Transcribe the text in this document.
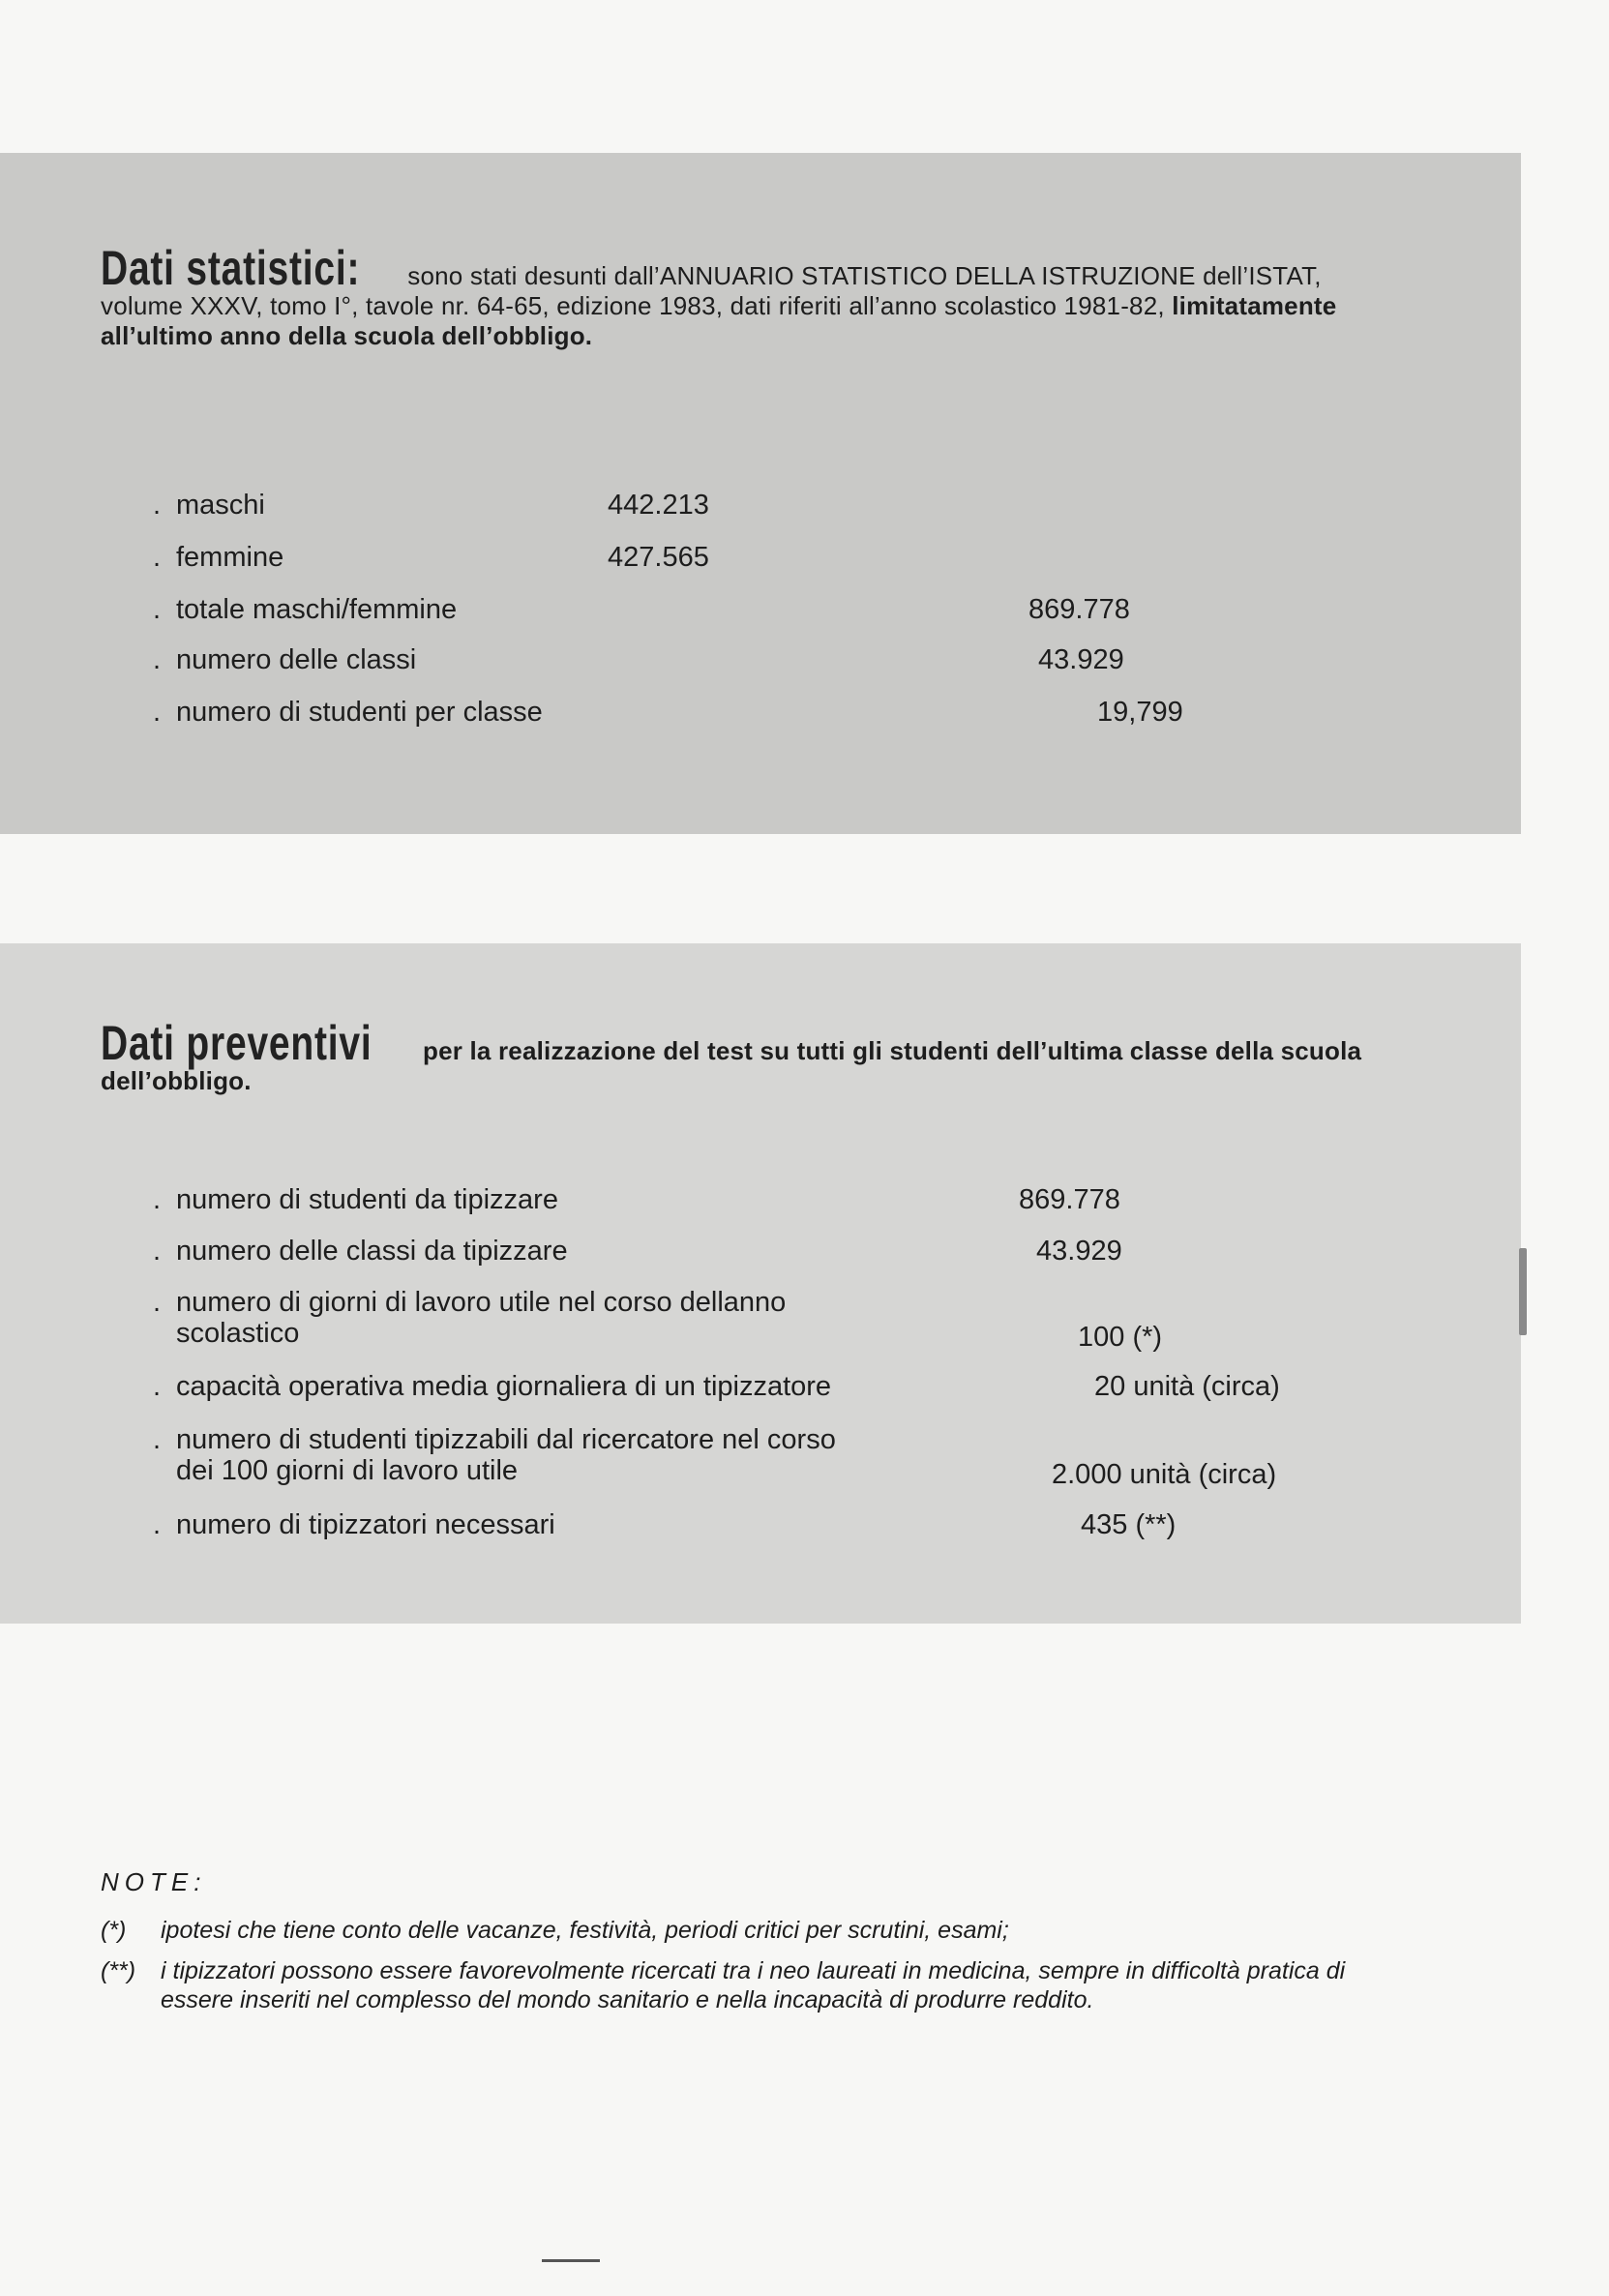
Dati statistici: sono stati desunti dall’ANNUARIO STATISTICO DELLA ISTRUZIONE dell’ISTAT, volume XXXV, tomo I°, tavole nr. 64-65, edizione 1983, dati riferiti all’anno scolastico 1981-82, limitatamente all’ultimo anno della scuola dell’obbligo.
. maschi	442.213
. femmine	427.565
. totale maschi/femmine	869.778
. numero delle classi	43.929
. numero di studenti per classe	19,799
Dati preventivi per la realizzazione del test su tutti gli studenti dell’ultima classe della scuola dell’obbligo.
. numero di studenti da tipizzare	869.778
. numero delle classi da tipizzare	43.929
. numero di giorni di lavoro utile nel corso dellanno
scolastico	100 (*)
. capacità operativa media giornaliera di un tipizzatore	20 unità (circa)
. numero di studenti tipizzabili dal ricercatore nel corso
dei 100 giorni di lavoro utile	2.000 unità (circa)
. numero di tipizzatori necessari	435 (**)
NOTE:
(*) ipotesi che tiene conto delle vacanze, festività, periodi critici per scrutini, esami;
(**) i tipizzatori possono essere favorevolmente ricercati tra i neo laureati in medicina, sempre in difficoltà pratica di essere inseriti nel complesso del mondo sanitario e nella incapacità di produrre reddito.
